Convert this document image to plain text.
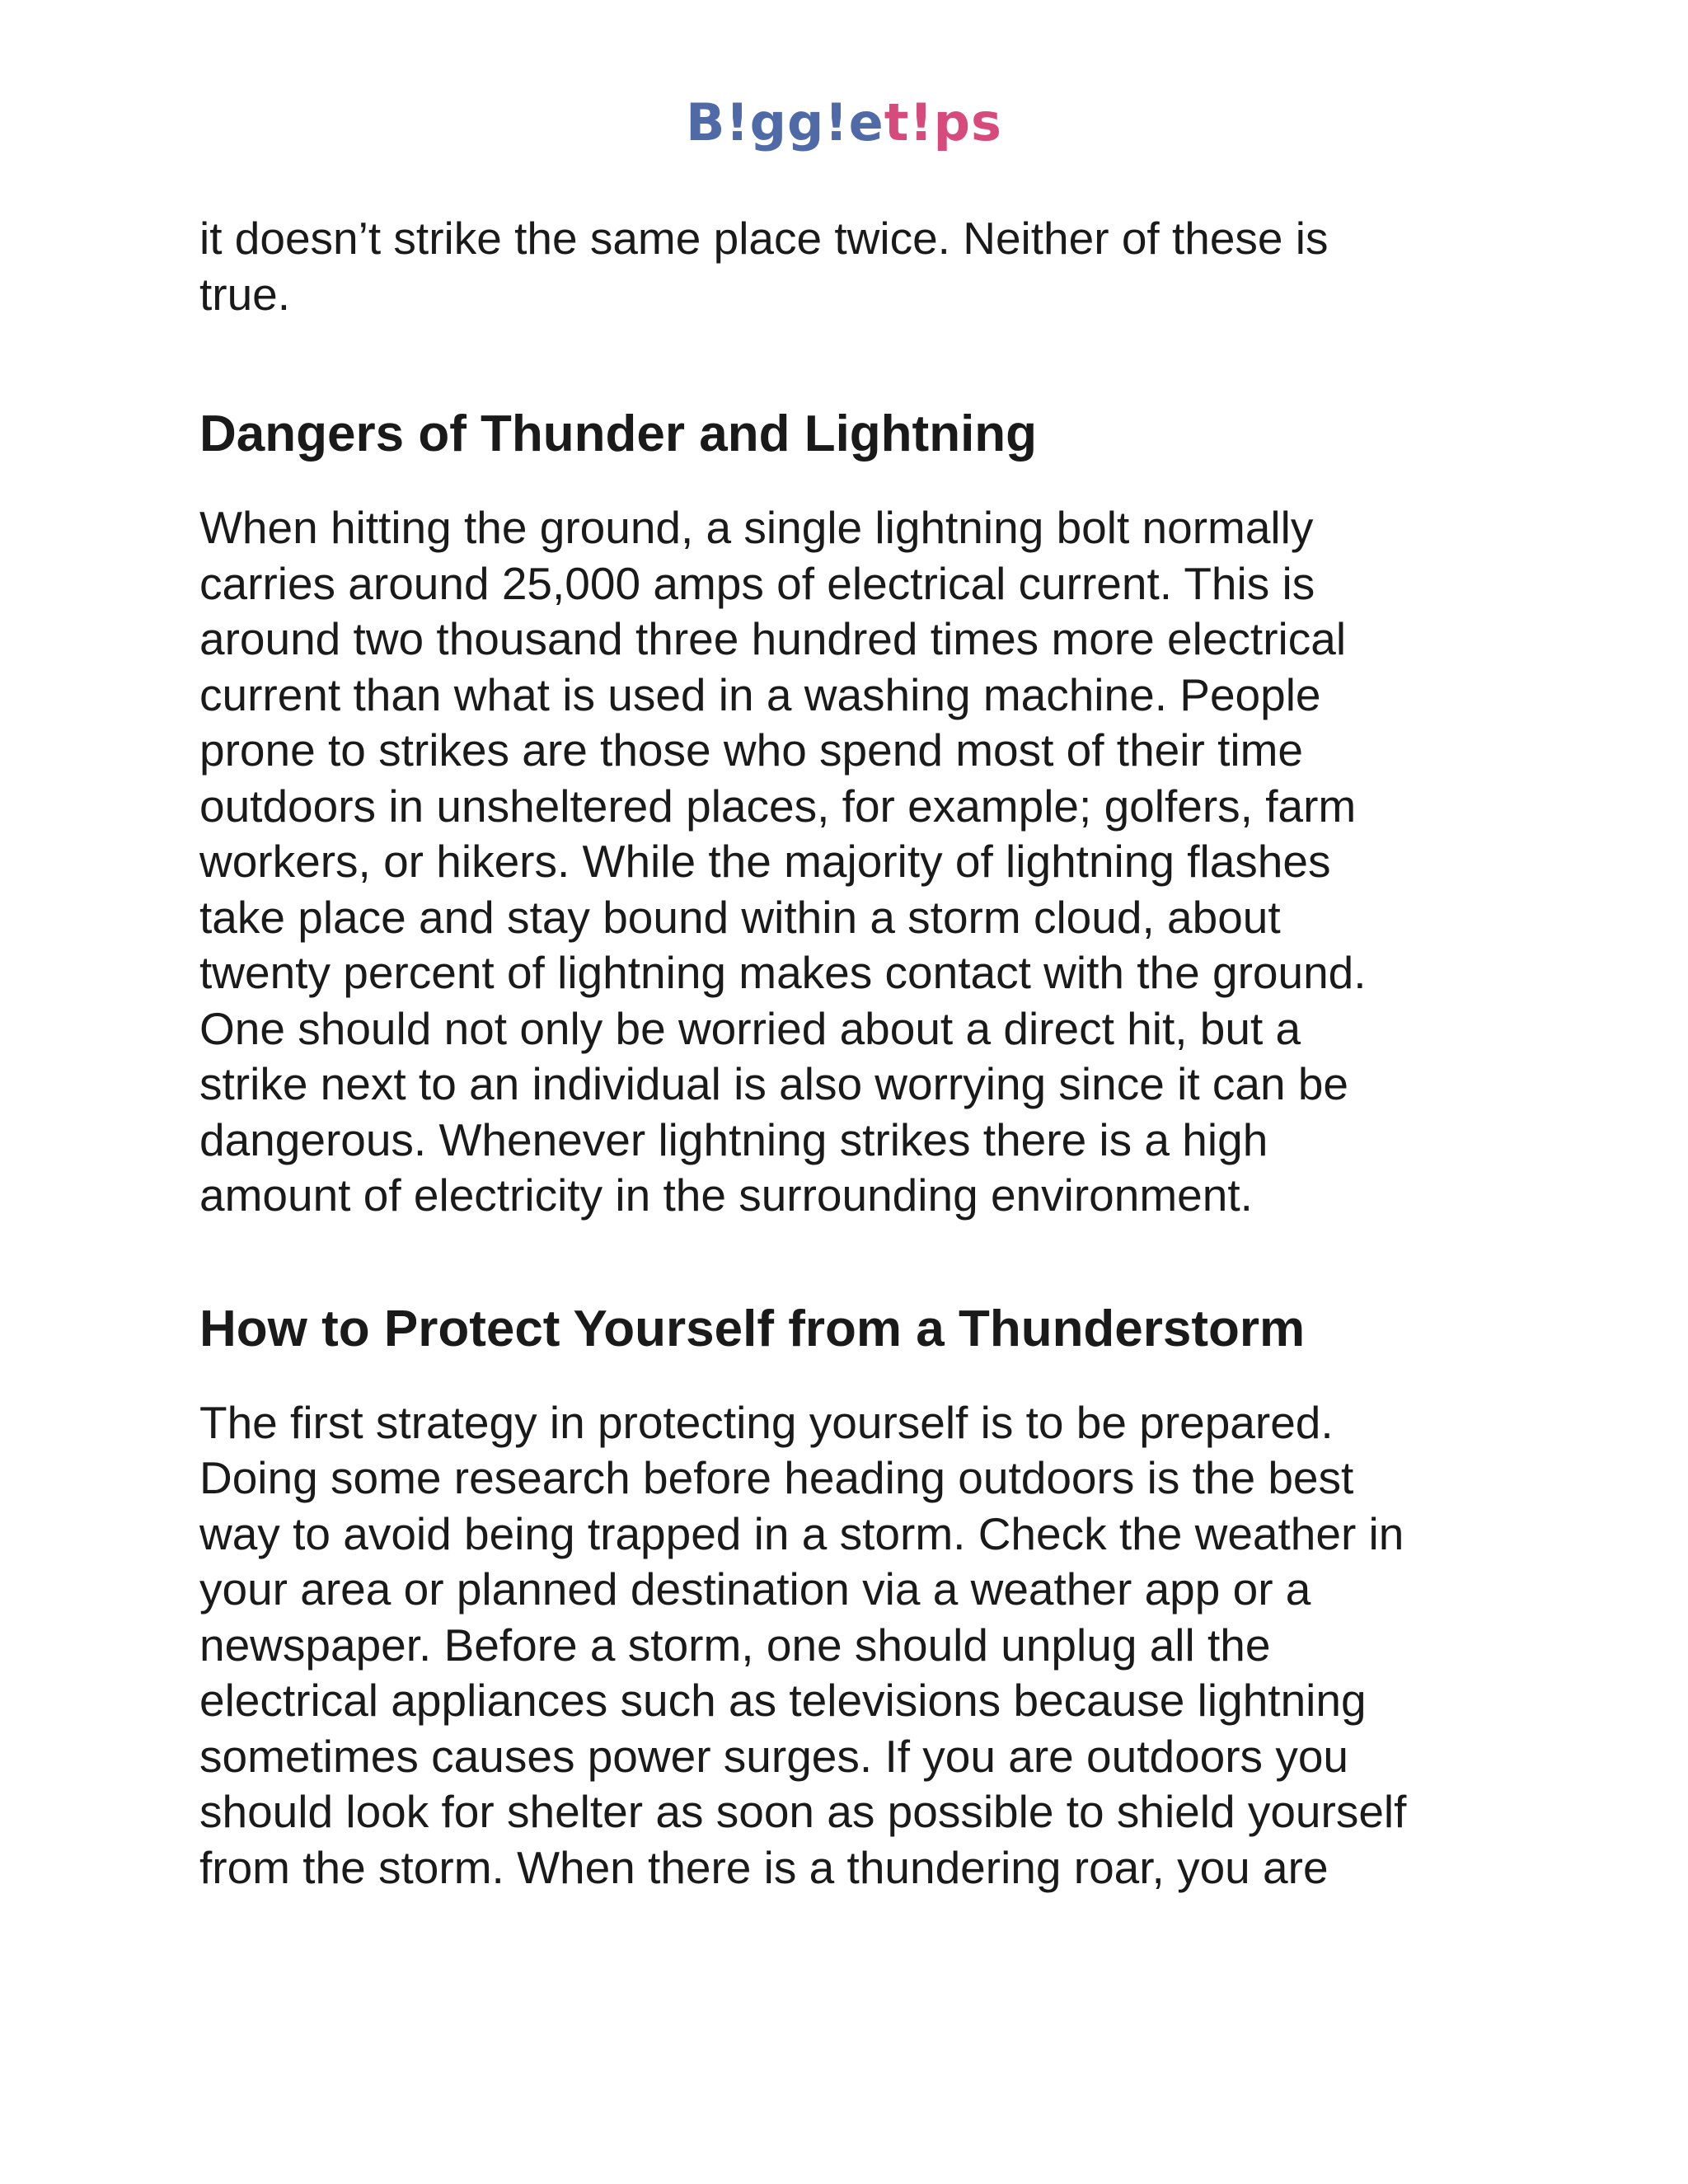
B!gg!et!ps

it doesn’t strike the same place twice. Neither of these is
true.

Dangers of Thunder and Lightning

When hitting the ground, a single lightning bolt normally
carries around 25,000 amps of electrical current. This is
around two thousand three hundred times more electrical
current than what is used in a washing machine. People
prone to strikes are those who spend most of their time
outdoors in unsheltered places, for example; golfers, farm
workers, or hikers. While the majority of lightning flashes
take place and stay bound within a storm cloud, about
twenty percent of lightning makes contact with the ground.
One should not only be worried about a direct hit, but a
strike next to an individual is also worrying since it can be
dangerous. Whenever lightning strikes there is a high
amount of electricity in the surrounding environment.

How to Protect Yourself from a Thunderstorm

The first strategy in protecting yourself is to be prepared.
Doing some research before heading outdoors is the best
way to avoid being trapped in a storm. Check the weather in
your area or planned destination via a weather app or a
newspaper. Before a storm, one should unplug all the
electrical appliances such as televisions because lightning
sometimes causes power surges. If you are outdoors you
should look for shelter as soon as possible to shield yourself
from the storm. When there is a thundering roar, you are
